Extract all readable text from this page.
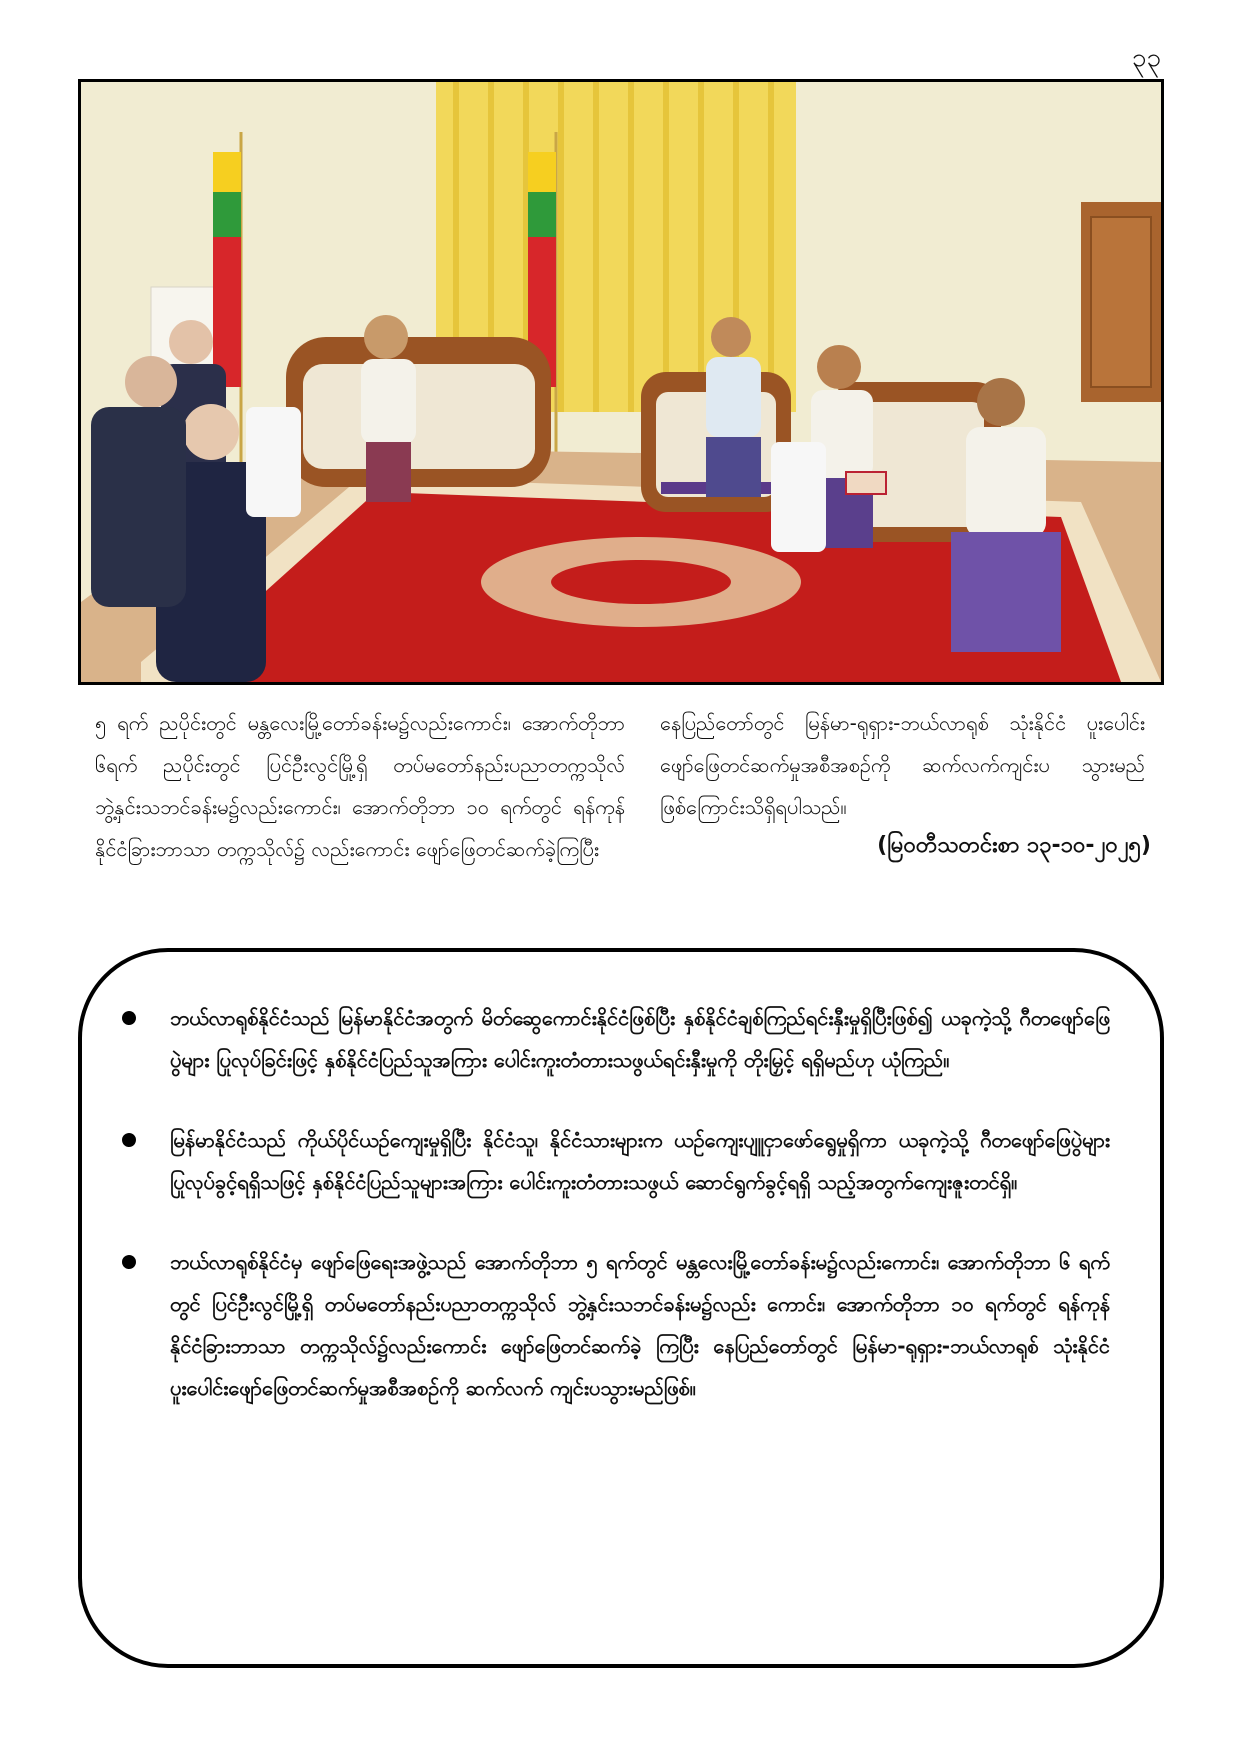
၃၃

၅ ရက် ညပိုင်းတွင် မန္တလေးမြို့တော်ခန်းမ၌လည်းကောင်း၊ အောက်တိုဘာ ၆ရက် ညပိုင်းတွင် ပြင်ဦးလွင်မြို့ရှိ တပ်မတော်နည်းပညာတက္ကသိုလ် ဘွဲ့နှင်းသဘင်ခန်းမ၌လည်းကောင်း၊ အောက်တိုဘာ ၁၀ ရက်တွင် ရန်ကုန်နိုင်ငံခြားဘာသာ တက္ကသိုလ်၌ လည်းကောင်း ဖျော်ဖြေတင်ဆက်ခဲ့ကြပြီး

နေပြည်တော်တွင် မြန်မာ-ရုရှား-ဘယ်လာရုစ် သုံးနိုင်ငံ ပူးပေါင်းဖျော်ဖြေတင်ဆက်မှုအစီအစဉ်ကို ဆက်လက်ကျင်းပ သွားမည်ဖြစ်ကြောင်းသိရှိရပါသည်။

(မြဝတီသတင်းစာ ၁၃-၁၀-၂၀၂၅)
ဘယ်လာရုစ်နိုင်ငံသည် မြန်မာနိုင်ငံအတွက် မိတ်ဆွေကောင်းနိုင်ငံဖြစ်ပြီး နှစ်နိုင်ငံချစ်ကြည်ရင်းနှီးမှုရှိပြီးဖြစ်၍ ယခုကဲ့သို့ ဂီတဖျော်ဖြေပွဲများ ပြုလုပ်ခြင်းဖြင့် နှစ်နိုင်ငံပြည်သူအကြား ပေါင်းကူးတံတားသဖွယ်ရင်းနှီးမှုကို တိုးမြှင့် ရရှိမည်ဟု ယုံကြည်။
မြန်မာနိုင်ငံသည် ကိုယ်ပိုင်ယဉ်ကျေးမှုရှိပြီး နိုင်ငံသူ၊ နိုင်ငံသားများက ယဉ်ကျေးပျူငှာဖော်ရွေမှုရှိကာ ယခုကဲ့သို့ ဂီတဖျော်ဖြေပွဲများ ပြုလုပ်ခွင့်ရရှိသဖြင့် နှစ်နိုင်ငံပြည်သူများအကြား ပေါင်းကူးတံတားသဖွယ် ဆောင်ရွက်ခွင့်ရရှိ သည့်အတွက်ကျေးဇူးတင်ရှိ။
ဘယ်လာရုစ်နိုင်ငံမှ ဖျော်ဖြေရေးအဖွဲ့သည် အောက်တိုဘာ ၅ ရက်တွင် မန္တလေးမြို့တော်ခန်းမ၌လည်းကောင်း၊ အောက်တိုဘာ ၆ ရက်တွင် ပြင်ဦးလွင်မြို့ရှိ တပ်မတော်နည်းပညာတက္ကသိုလ် ဘွဲ့နှင်းသဘင်ခန်းမ၌လည်း ကောင်း၊ အောက်တိုဘာ ၁၀ ရက်တွင် ရန်ကုန်နိုင်ငံခြားဘာသာ တက္ကသိုလ်၌လည်းကောင်း ဖျော်ဖြေတင်ဆက်ခဲ့ ကြပြီး နေပြည်တော်တွင် မြန်မာ-ရုရှား-ဘယ်လာရုစ် သုံးနိုင်ငံ ပူးပေါင်းဖျော်ဖြေတင်ဆက်မှုအစီအစဉ်ကို ဆက်လက် ကျင်းပသွားမည်ဖြစ်။
